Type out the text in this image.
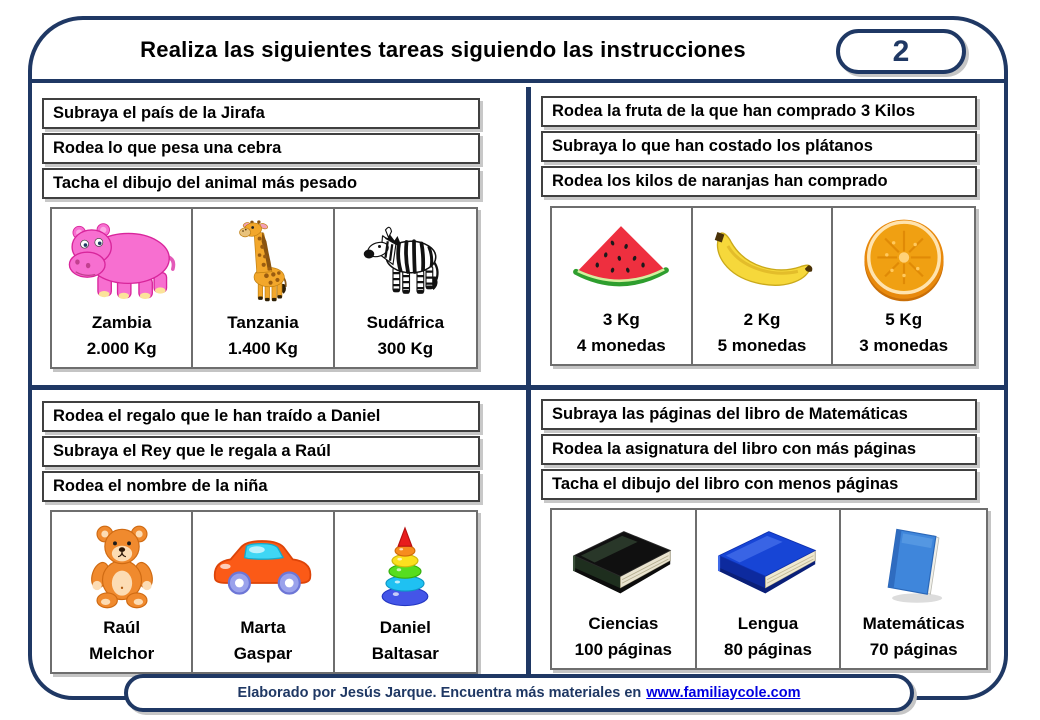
Realiza las siguientes tareas siguiendo las instrucciones	2
Subraya el país de la Jirafa
Rodea lo que pesa una cebra
Tacha el dibujo del animal más pesado
Zambia
2.000 Kg
Tanzania
1.400 Kg
Sudáfrica
300 Kg
Rodea la fruta de la que han comprado 3 Kilos
Subraya lo que han costado los plátanos
Rodea los kilos de naranjas han comprado
3 Kg
4 monedas
2 Kg
5 monedas
5 Kg
3 monedas
Rodea el regalo que le han traído a Daniel
Subraya el Rey que le regala a Raúl
Rodea el nombre de la niña
Raúl
Melchor
Marta
Gaspar
Daniel
Baltasar
Subraya las páginas del libro de Matemáticas
Rodea la asignatura del libro con más páginas
Tacha el dibujo del libro con menos páginas
Ciencias
100 páginas
Lengua
80 páginas
Matemáticas
70 páginas
Elaborado por Jesús Jarque. Encuentra más materiales en www.familiaycole.com
